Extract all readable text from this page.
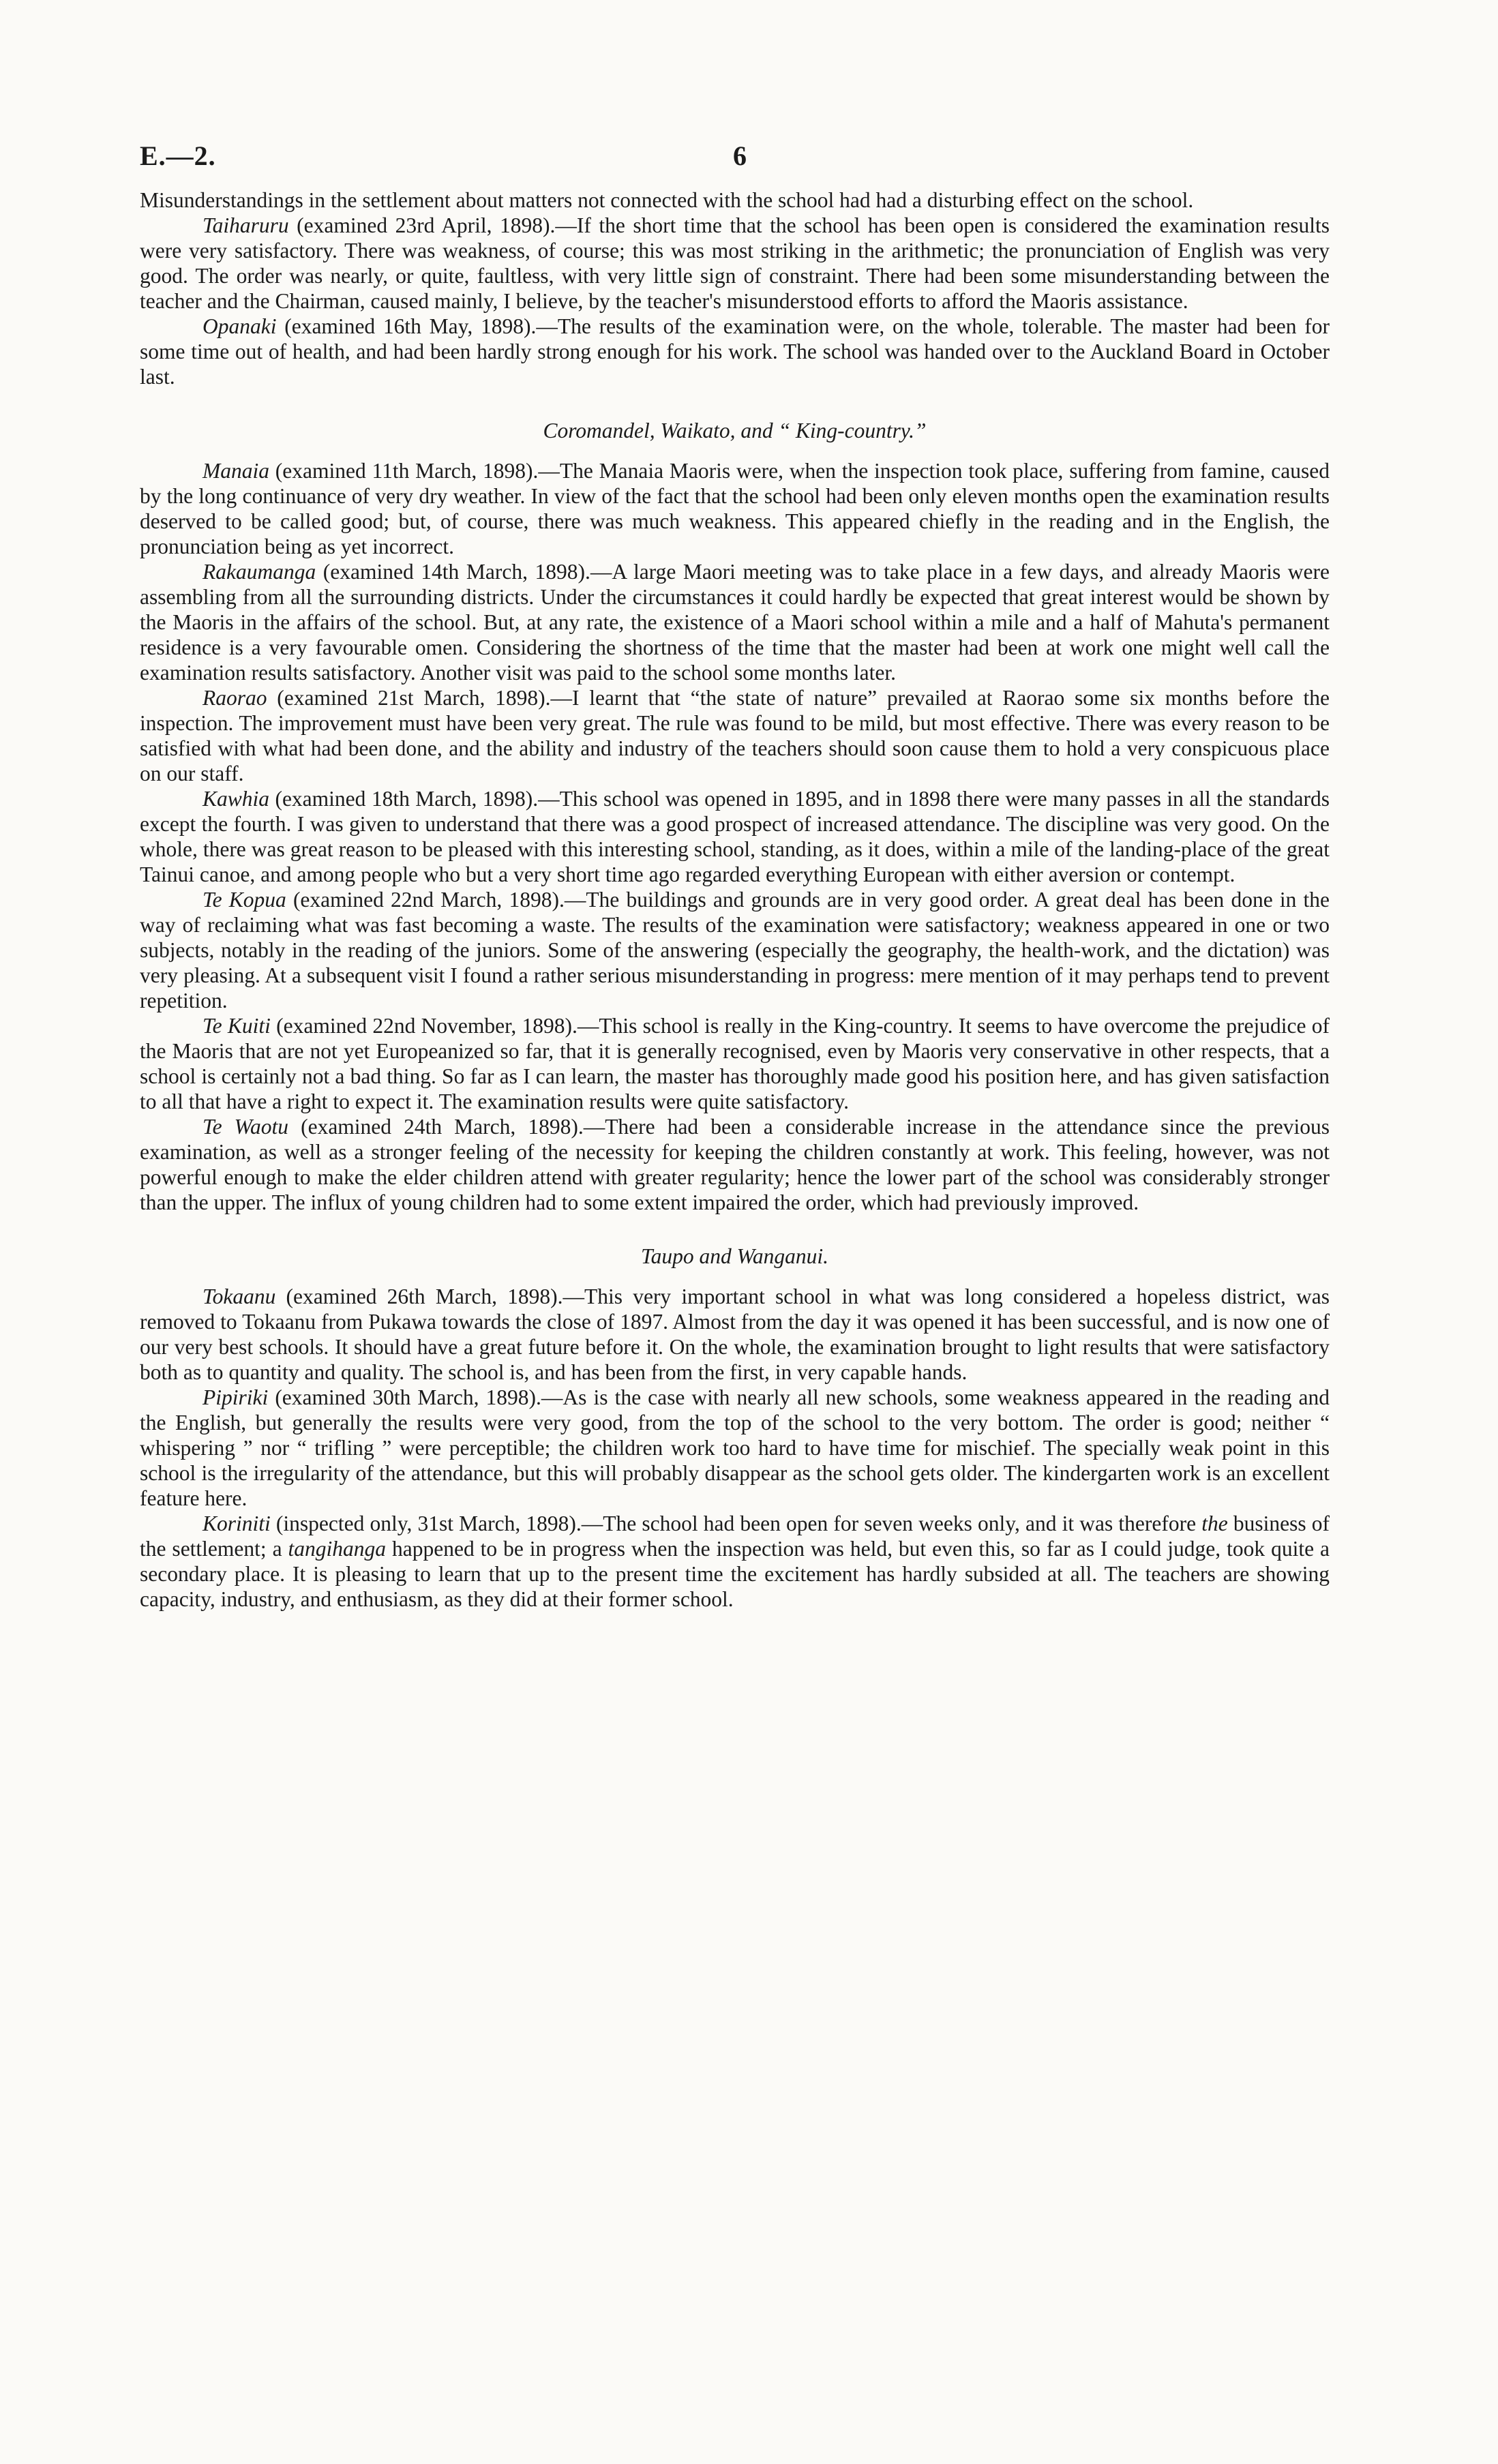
E.—2.	6

Misunderstandings in the settlement about matters not connected with the school had had a disturbing effect on the school.

Taiharuru (examined 23rd April, 1898).—If the short time that the school has been open is considered the examination results were very satisfactory. There was weakness, of course; this was most striking in the arithmetic; the pronunciation of English was very good. The order was nearly, or quite, faultless, with very little sign of constraint. There had been some misunderstanding between the teacher and the Chairman, caused mainly, I believe, by the teacher's misunderstood efforts to afford the Maoris assistance.

Opanaki (examined 16th May, 1898).—The results of the examination were, on the whole, tolerable. The master had been for some time out of health, and had been hardly strong enough for his work. The school was handed over to the Auckland Board in October last.

Coromandel, Waikato, and “ King-country.”

Manaia (examined 11th March, 1898).—The Manaia Maoris were, when the inspection took place, suffering from famine, caused by the long continuance of very dry weather. In view of the fact that the school had been only eleven months open the examination results deserved to be called good; but, of course, there was much weakness. This appeared chiefly in the reading and in the English, the pronunciation being as yet incorrect.

Rakaumanga (examined 14th March, 1898).—A large Maori meeting was to take place in a few days, and already Maoris were assembling from all the surrounding districts. Under the circumstances it could hardly be expected that great interest would be shown by the Maoris in the affairs of the school. But, at any rate, the existence of a Maori school within a mile and a half of Mahuta's permanent residence is a very favourable omen. Considering the shortness of the time that the master had been at work one might well call the examination results satisfactory. Another visit was paid to the school some months later.

Raorao (examined 21st March, 1898).—I learnt that “the state of nature” prevailed at Raorao some six months before the inspection. The improvement must have been very great. The rule was found to be mild, but most effective. There was every reason to be satisfied with what had been done, and the ability and industry of the teachers should soon cause them to hold a very conspicuous place on our staff.

Kawhia (examined 18th March, 1898).—This school was opened in 1895, and in 1898 there were many passes in all the standards except the fourth. I was given to understand that there was a good prospect of increased attendance. The discipline was very good. On the whole, there was great reason to be pleased with this interesting school, standing, as it does, within a mile of the landing-place of the great Tainui canoe, and among people who but a very short time ago regarded everything European with either aversion or contempt.

Te Kopua (examined 22nd March, 1898).—The buildings and grounds are in very good order. A great deal has been done in the way of reclaiming what was fast becoming a waste. The results of the examination were satisfactory; weakness appeared in one or two subjects, notably in the reading of the juniors. Some of the answering (especially the geography, the health-work, and the dictation) was very pleasing. At a subsequent visit I found a rather serious misunderstanding in progress: mere mention of it may perhaps tend to prevent repetition.

Te Kuiti (examined 22nd November, 1898).—This school is really in the King-country. It seems to have overcome the prejudice of the Maoris that are not yet Europeanized so far, that it is generally recognised, even by Maoris very conservative in other respects, that a school is certainly not a bad thing. So far as I can learn, the master has thoroughly made good his position here, and has given satisfaction to all that have a right to expect it. The examination results were quite satisfactory.

Te Waotu (examined 24th March, 1898).—There had been a considerable increase in the attendance since the previous examination, as well as a stronger feeling of the necessity for keeping the children constantly at work. This feeling, however, was not powerful enough to make the elder children attend with greater regularity; hence the lower part of the school was considerably stronger than the upper. The influx of young children had to some extent impaired the order, which had previously improved.

Taupo and Wanganui.

Tokaanu (examined 26th March, 1898).—This very important school in what was long considered a hopeless district, was removed to Tokaanu from Pukawa towards the close of 1897. Almost from the day it was opened it has been successful, and is now one of our very best schools. It should have a great future before it. On the whole, the examination brought to light results that were satisfactory both as to quantity and quality. The school is, and has been from the first, in very capable hands.

Pipiriki (examined 30th March, 1898).—As is the case with nearly all new schools, some weakness appeared in the reading and the English, but generally the results were very good, from the top of the school to the very bottom. The order is good; neither “ whispering ” nor “ trifling ” were perceptible; the children work too hard to have time for mischief. The specially weak point in this school is the irregularity of the attendance, but this will probably disappear as the school gets older. The kindergarten work is an excellent feature here.

Koriniti (inspected only, 31st March, 1898).—The school had been open for seven weeks only, and it was therefore the business of the settlement; a tangihanga happened to be in progress when the inspection was held, but even this, so far as I could judge, took quite a secondary place. It is pleasing to learn that up to the present time the excitement has hardly subsided at all. The teachers are showing capacity, industry, and enthusiasm, as they did at their former school.
